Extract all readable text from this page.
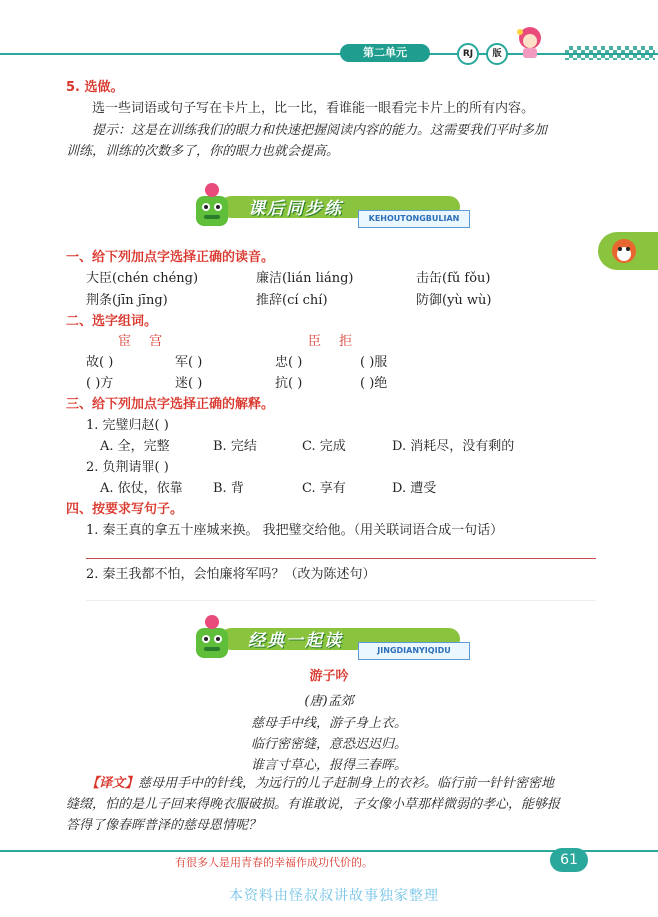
第二单元	RJ	版
5. 选做。
选一些词语或句子写在卡片上，比一比，看谁能一眼看完卡片上的所有内容。
提示：这是在训练我们的眼力和快速把握阅读内容的能力。这需要我们平时多加
训练，训练的次数多了，你的眼力也就会提高。
课后同步练	KEHOUTONGBULIAN
一、给下列加点字选择正确的读音。
大臣(chén chéng)	廉洁(lián liáng)	击缶(fǔ fǒu)
荆条(jīn jīng)	推辞(cí chí)	防御(yù wù)
二、选字组词。
宦 宫	臣 拒
故( )	军( )	忠( )	( )服
( )方	迷( )	抗( )	( )绝
三、给下列加点字选择正确的解释。
1. 完璧归赵( )
A. 全，完整	B. 完结	C. 完成	D. 消耗尽，没有剩的
2. 负荆请罪( )
A. 依仗，依靠 B. 背	C. 享有	D. 遭受
四、按要求写句子。
1. 秦王真的拿五十座城来换。 我把璧交给他。（用关联词语合成一句话）
2. 秦王我都不怕，会怕廉将军吗？（改为陈述句）
经典一起读	JINGDIANYIQIDU
游子吟
(唐)孟郊
慈母手中线，游子身上衣。
临行密密缝，意恐迟迟归。
谁言寸草心，报得三春晖。
【译文】慈母用手中的针线，为远行的儿子赶制身上的衣衫。临行前一针针密密地
缝缀，怕的是儿子回来得晚衣服破损。有谁敢说，子女像小草那样微弱的孝心，能够报
答得了像春晖普泽的慈母恩情呢？
有很多人是用青春的幸福作成功代价的。	61
本资料由怪叔叔讲故事独家整理
